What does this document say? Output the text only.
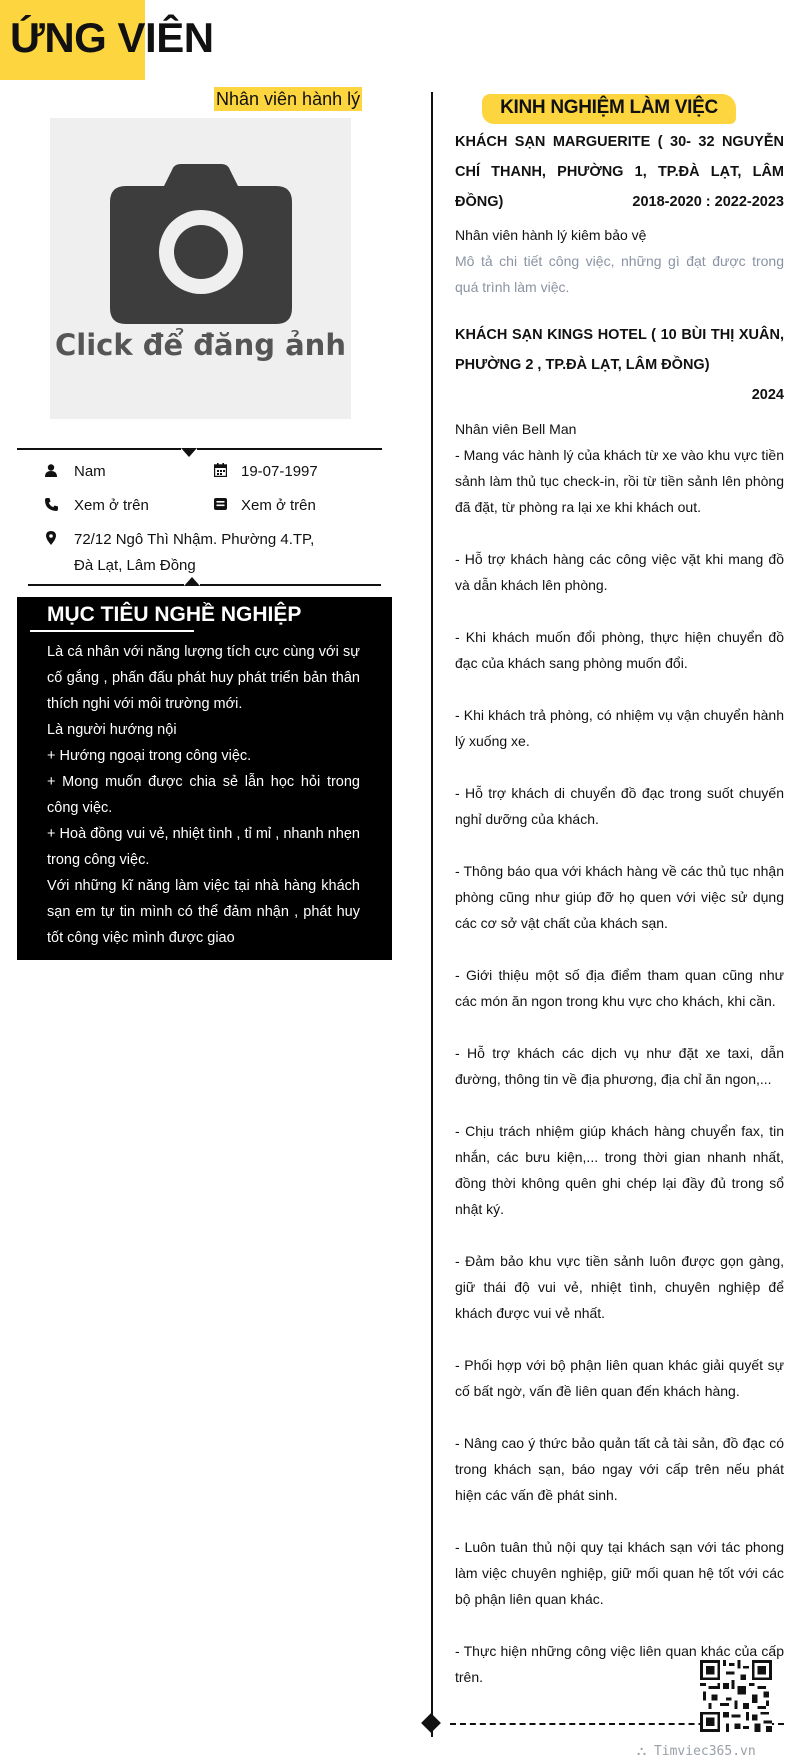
ỨNG VIÊN
Nhân viên hành lý
Click để đăng ảnh
Nam	19-07-1997
Xem ở trên	Xem ở trên
72/12 Ngô Thì Nhậm. Phường 4.TP, Đà Lạt, Lâm Đồng
MỤC TIÊU NGHỀ NGHIỆP

Là cá nhân với năng lượng tích cực cùng với sự cố gắng , phấn đấu phát huy phát triển bản thân thích nghi với môi trường mới.

Là người hướng nội

+ Hướng ngoại trong công việc.

+ Mong muốn được chia sẻ lẫn học hỏi trong công việc.

+ Hoà đồng vui vẻ, nhiệt tình , tỉ mỉ , nhanh nhẹn trong công việc.

Với những kĩ năng làm việc tại nhà hàng khách sạn em tự tin mình có thể đảm nhận , phát huy tốt công việc mình được giao

KINH NGHIỆM LÀM VIỆC
KHÁCH SẠN MARGUERITE ( 30- 32 NGUYỄN CHÍ THANH, PHƯỜNG 1, TP.ĐÀ LẠT, LÂM ĐỒNG)	2018-2020 : 2022-2023
Nhân viên hành lý kiêm bảo vệ
Mô tả chi tiết công việc, những gì đạt được trong quá trình làm việc.
KHÁCH SẠN KINGS HOTEL ( 10 BÙI THỊ XUÂN, PHƯỜNG 2 , TP.ĐÀ LẠT, LÂM ĐỒNG)
2024
Nhân viên Bell Man

- Mang vác hành lý của khách từ xe vào khu vực tiền sảnh làm thủ tục check-in, rồi từ tiền sảnh lên phòng đã đặt, từ phòng ra lại xe khi khách out.

- Hỗ trợ khách hàng các công việc vặt khi mang đồ và dẫn khách lên phòng.

- Khi khách muốn đổi phòng, thực hiện chuyển đồ đạc của khách sang phòng muốn đổi.

- Khi khách trả phòng, có nhiệm vụ vận chuyển hành lý xuống xe.

- Hỗ trợ khách di chuyển đồ đạc trong suốt chuyến nghỉ dưỡng của khách.

- Thông báo qua với khách hàng về các thủ tục nhận phòng cũng như giúp đỡ họ quen với việc sử dụng các cơ sở vật chất của khách sạn.

- Giới thiệu một số địa điểm tham quan cũng như các món ăn ngon trong khu vực cho khách, khi cần.

- Hỗ trợ khách các dịch vụ như đặt xe taxi, dẫn đường, thông tin về địa phương, địa chỉ ăn ngon,...

- Chịu trách nhiệm giúp khách hàng chuyển fax, tin nhắn, các bưu kiện,... trong thời gian nhanh nhất, đồng thời không quên ghi chép lại đầy đủ trong sổ nhật ký.

- Đảm bảo khu vực tiền sảnh luôn được gọn gàng, giữ thái độ vui vẻ, nhiệt tình, chuyên nghiệp để khách được vui vẻ nhất.

- Phối hợp với bộ phận liên quan khác giải quyết sự cố bất ngờ, vấn đề liên quan đến khách hàng.

- Nâng cao ý thức bảo quản tất cả tài sản, đồ đạc có trong khách sạn, báo ngay với cấp trên nếu phát hiện các vấn đề phát sinh.

- Luôn tuân thủ nội quy tại khách sạn với tác phong làm việc chuyên nghiệp, giữ mối quan hệ tốt với các bộ phận liên quan khác.

- Thực hiện những công việc liên quan khác của cấp trên.

⛬ Timviec365.vn
